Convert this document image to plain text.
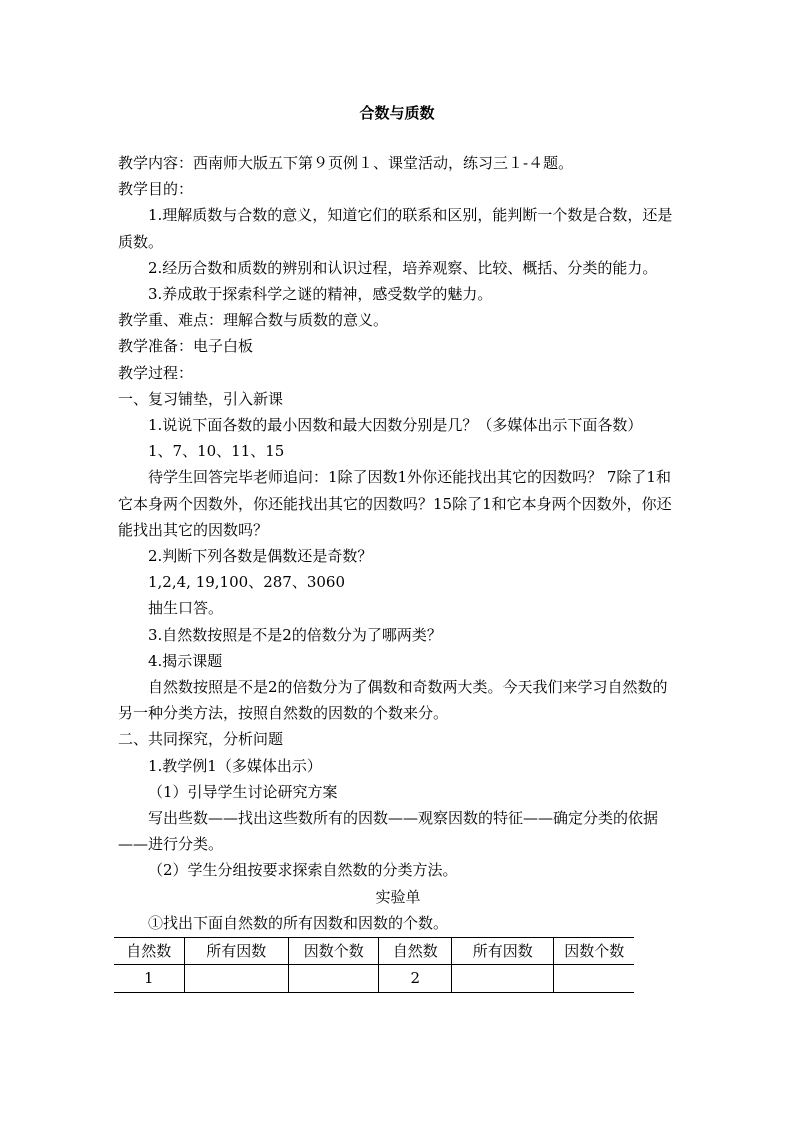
合数与质数

教学内容：西南师大版五下第９页例１、课堂活动，练习三１-４题。

教学目的：

1.理解质数与合数的意义，知道它们的联系和区别，能判断一个数是合数，还是质数。

2.经历合数和质数的辨别和认识过程，培养观察、比较、概括、分类的能力。

3.养成敢于探索科学之谜的精神，感受数学的魅力。

教学重、难点：理解合数与质数的意义。

教学准备：电子白板

教学过程：

一、复习铺垫，引入新课

1.说说下面各数的最小因数和最大因数分别是几？（多媒体出示下面各数）

1、7、10、11、15

待学生回答完毕老师追问：1除了因数1外你还能找出其它的因数吗？ 7除了1和它本身两个因数外，你还能找出其它的因数吗？15除了1和它本身两个因数外，你还能找出其它的因数吗？

2.判断下列各数是偶数还是奇数？

1,2,4, 19,100、287、3060

抽生口答。

3.自然数按照是不是2的倍数分为了哪两类？

4.揭示课题

自然数按照是不是2的倍数分为了偶数和奇数两大类。今天我们来学习自然数的另一种分类方法，按照自然数的因数的个数来分。

二、共同探究，分析问题

1.教学例1（多媒体出示）

（1）引导学生讨论研究方案

写出些数——找出这些数所有的因数——观察因数的特征——确定分类的依据——进行分类。

（2）学生分组按要求探索自然数的分类方法。

实验单

①找出下面自然数的所有因数和因数的个数。

自然数	所有因数	因数个数	自然数	所有因数	因数个数
1			2		
